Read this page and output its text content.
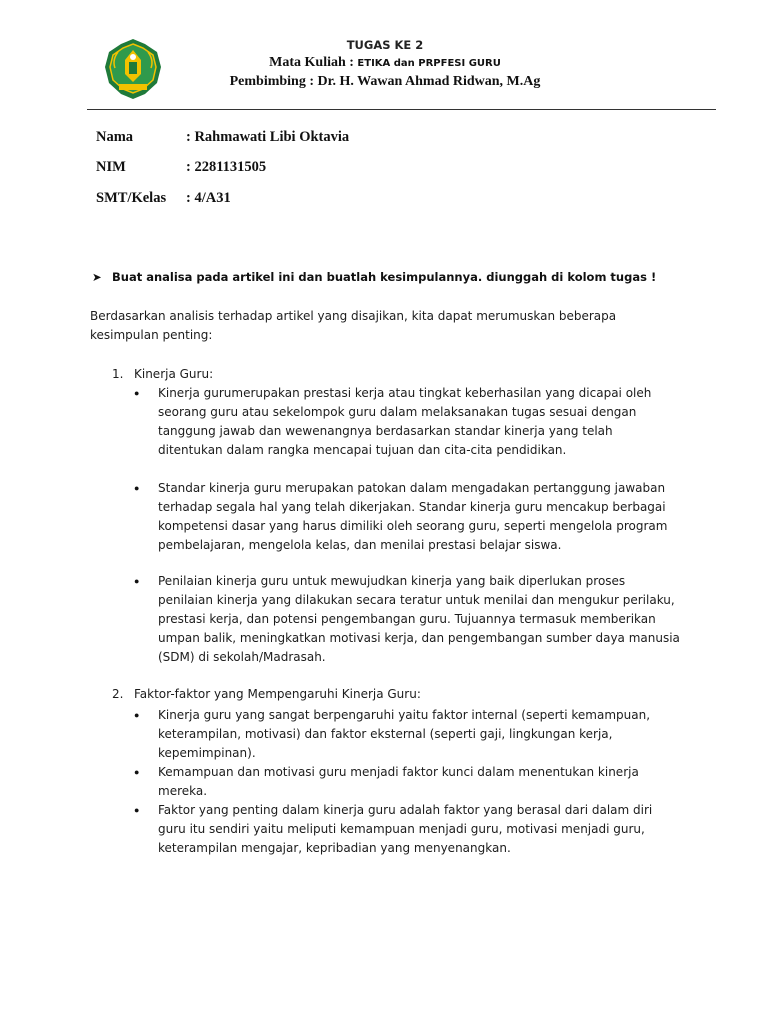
TUGAS KE 2
Mata Kuliah : ETIKA dan PRPFESI GURU
Pembimbing : Dr. H. Wawan Ahmad Ridwan, M.Ag
Nama	: Rahmawati Libi Oktavia
NIM	: 2281131505
SMT/Kelas : 4/A31
➤ Buat analisa pada artikel ini dan buatlah kesimpulannya. diunggah di kolom tugas !
Berdasarkan analisis terhadap artikel yang disajikan, kita dapat merumuskan beberapa
kesimpulan penting:
1. Kinerja Guru:
● Kinerja gurumerupakan prestasi kerja atau tingkat keberhasilan yang dicapai oleh
seorang guru atau sekelompok guru dalam melaksanakan tugas sesuai dengan
tanggung jawab dan wewenangnya berdasarkan standar kinerja yang telah
ditentukan dalam rangka mencapai tujuan dan cita-cita pendidikan.
● Standar kinerja guru merupakan patokan dalam mengadakan pertanggung jawaban
terhadap segala hal yang telah dikerjakan. Standar kinerja guru mencakup berbagai
kompetensi dasar yang harus dimiliki oleh seorang guru, seperti mengelola program
pembelajaran, mengelola kelas, dan menilai prestasi belajar siswa.
● Penilaian kinerja guru untuk mewujudkan kinerja yang baik diperlukan proses
penilaian kinerja yang dilakukan secara teratur untuk menilai dan mengukur perilaku,
prestasi kerja, dan potensi pengembangan guru. Tujuannya termasuk memberikan
umpan balik, meningkatkan motivasi kerja, dan pengembangan sumber daya manusia
(SDM) di sekolah/Madrasah.
2. Faktor-faktor yang Mempengaruhi Kinerja Guru:
● Kinerja guru yang sangat berpengaruhi yaitu faktor internal (seperti kemampuan,
keterampilan, motivasi) dan faktor eksternal (seperti gaji, lingkungan kerja,
kepemimpinan).
● Kemampuan dan motivasi guru menjadi faktor kunci dalam menentukan kinerja
mereka.
● Faktor yang penting dalam kinerja guru adalah faktor yang berasal dari dalam diri
guru itu sendiri yaitu meliputi kemampuan menjadi guru, motivasi menjadi guru,
keterampilan mengajar, kepribadian yang menyenangkan.
